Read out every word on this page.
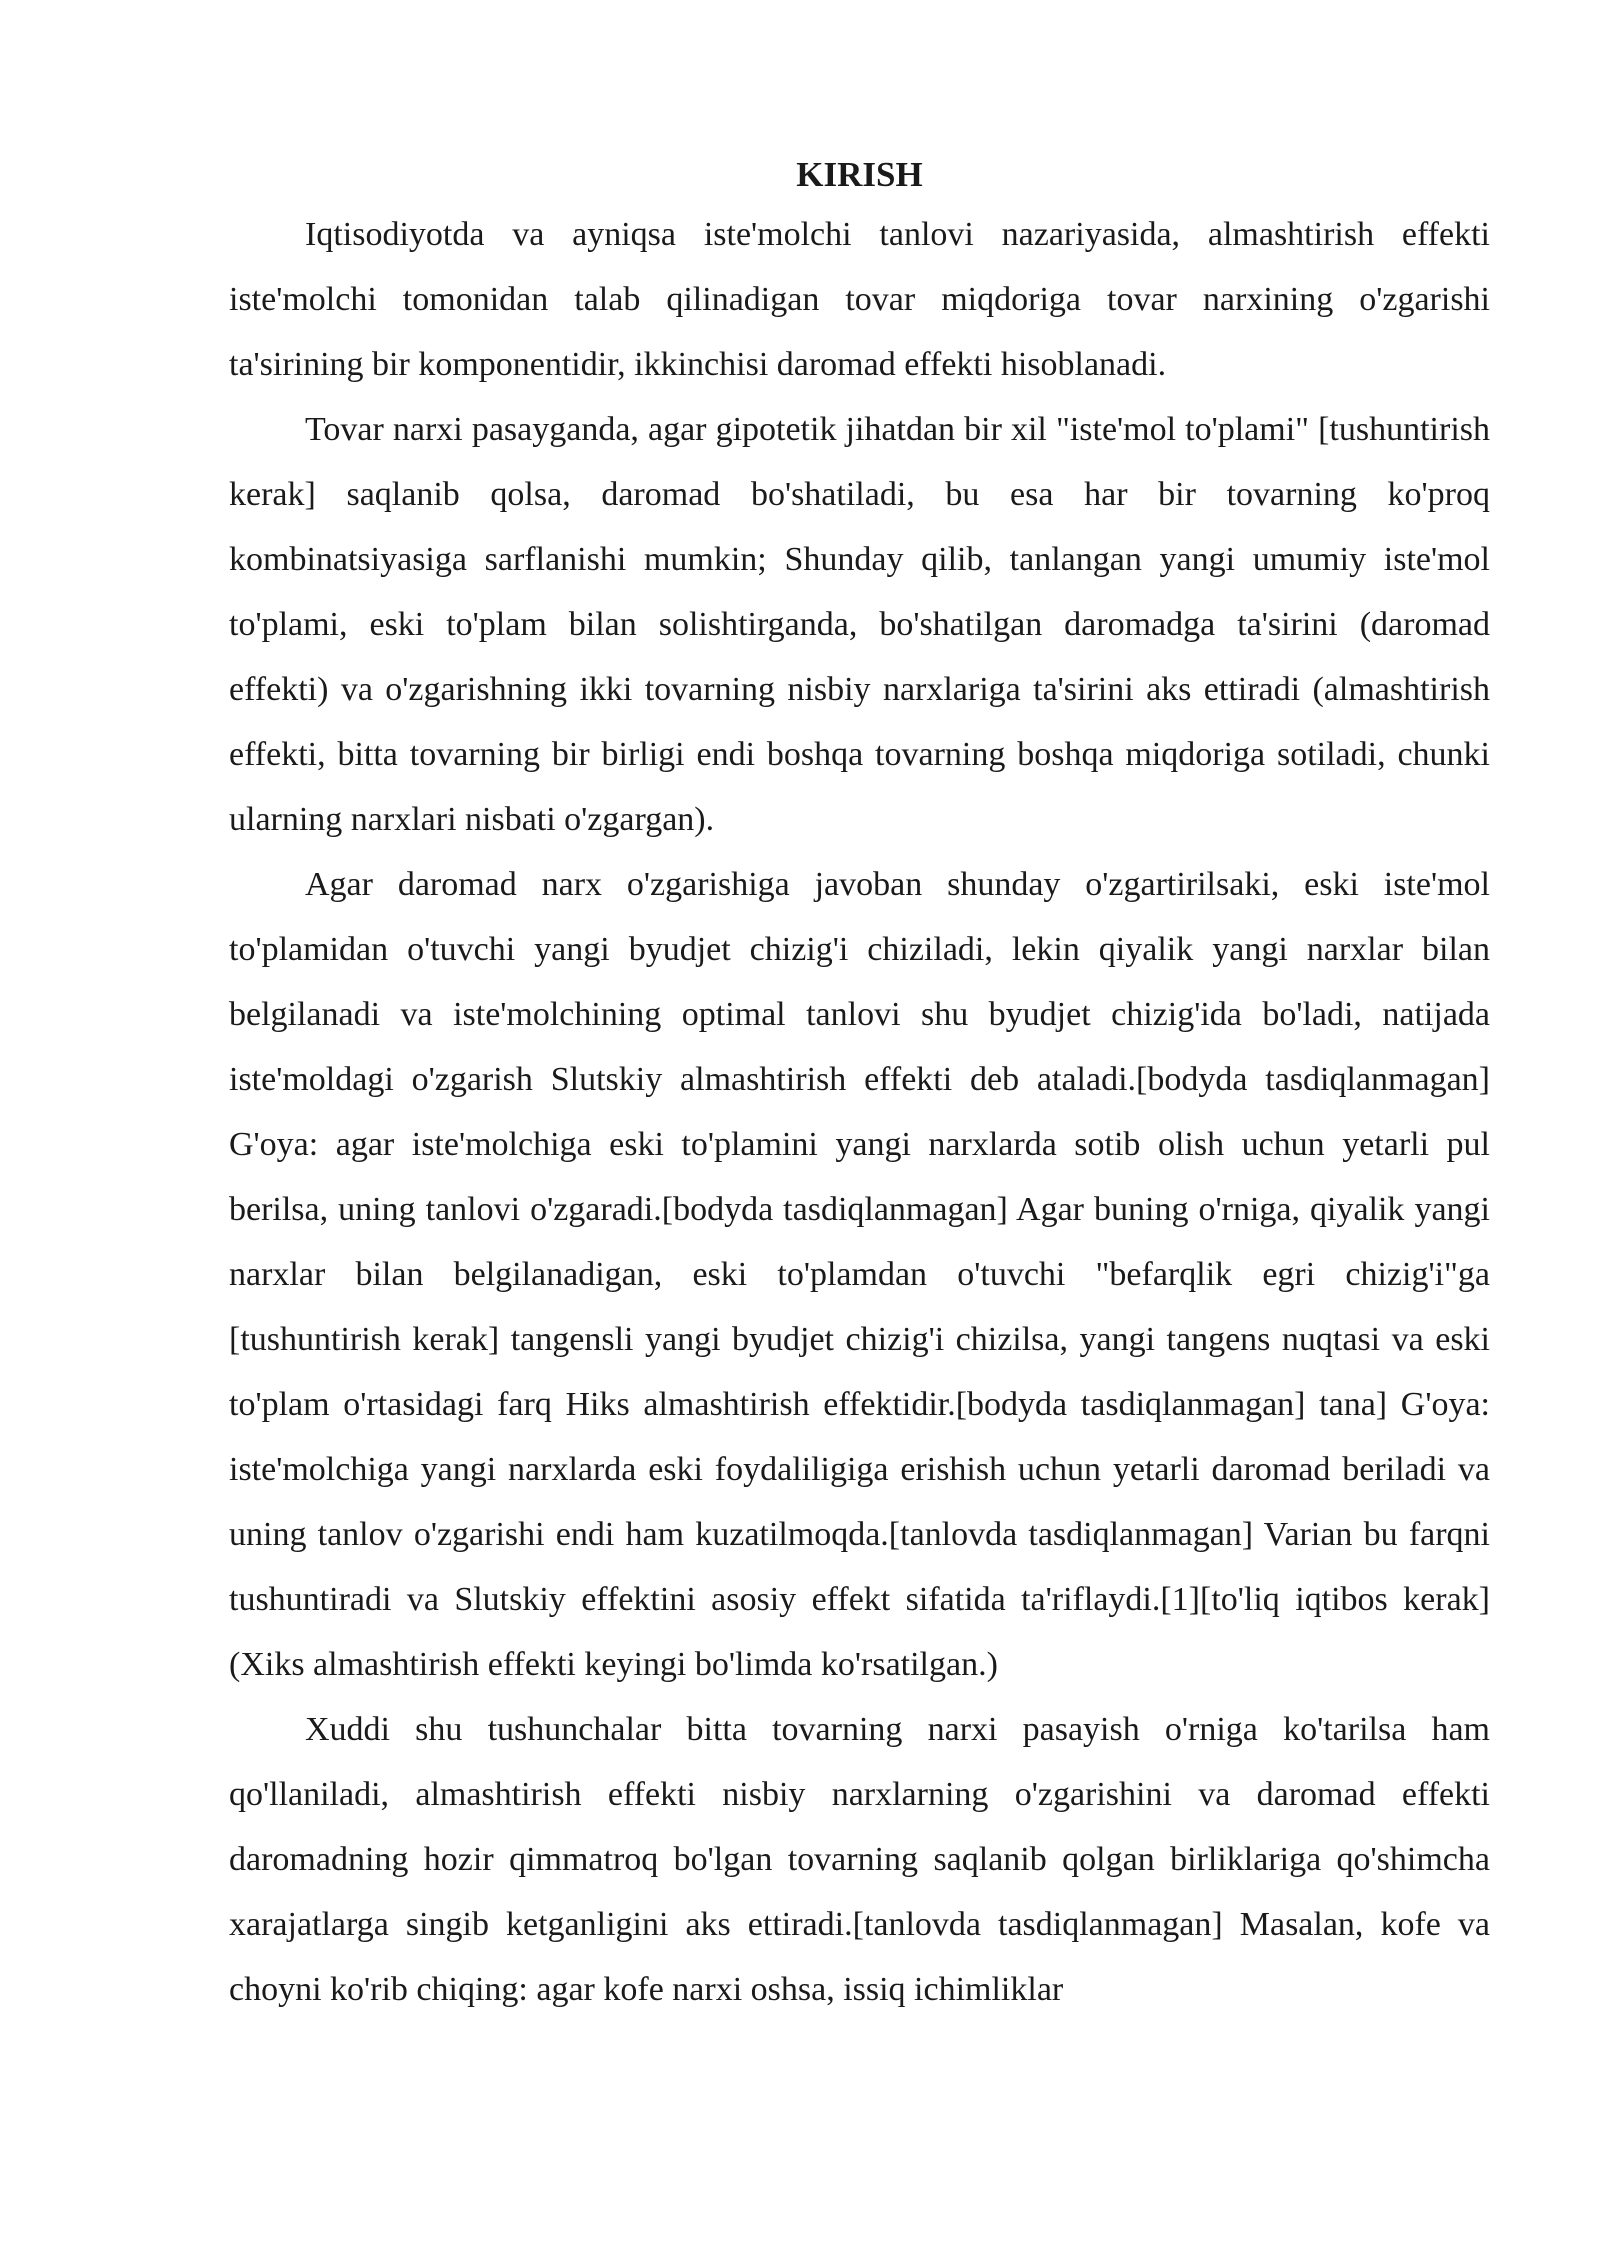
KIRISH

Iqtisodiyotda va ayniqsa iste'molchi tanlovi nazariyasida, almashtirish effekti iste'molchi tomonidan talab qilinadigan tovar miqdoriga tovar narxining o'zgarishi ta'sirining bir komponentidir, ikkinchisi daromad effekti hisoblanadi.

Tovar narxi pasayganda, agar gipotetik jihatdan bir xil "iste'mol to'plami" [tushuntirish kerak] saqlanib qolsa, daromad bo'shatiladi, bu esa har bir tovarning ko'proq kombinatsiyasiga sarflanishi mumkin; Shunday qilib, tanlangan yangi umumiy iste'mol to'plami, eski to'plam bilan solishtirganda, bo'shatilgan daromadga ta'sirini (daromad effekti) va o'zgarishning ikki tovarning nisbiy narxlariga ta'sirini aks ettiradi (almashtirish effekti, bitta tovarning bir birligi endi boshqa tovarning boshqa miqdoriga sotiladi, chunki ularning narxlari nisbati o'zgargan).

Agar daromad narx o'zgarishiga javoban shunday o'zgartirilsaki, eski iste'mol to'plamidan o'tuvchi yangi byudjet chizig'i chiziladi, lekin qiyalik yangi narxlar bilan belgilanadi va iste'molchining optimal tanlovi shu byudjet chizig'ida bo'ladi, natijada iste'moldagi o'zgarish Slutskiy almashtirish effekti deb ataladi.[bodyda tasdiqlanmagan] G'oya: agar iste'molchiga eski to'plamini yangi narxlarda sotib olish uchun yetarli pul berilsa, uning tanlovi o'zgaradi.[bodyda tasdiqlanmagan] Agar buning o'rniga, qiyalik yangi narxlar bilan belgilanadigan, eski to'plamdan o'tuvchi "befarqlik egri chizig'i"ga [tushuntirish kerak] tangensli yangi byudjet chizig'i chizilsa, yangi tangens nuqtasi va eski to'plam o'rtasidagi farq Hiks almashtirish effektidir.[bodyda tasdiqlanmagan] tana] G'oya: iste'molchiga yangi narxlarda eski foydaliligiga erishish uchun yetarli daromad beriladi va uning tanlov o'zgarishi endi ham kuzatilmoqda.[tanlovda tasdiqlanmagan] Varian bu farqni tushuntiradi va Slutskiy effektini asosiy effekt sifatida ta'riflaydi.[1][to'liq iqtibos kerak] (Xiks almashtirish effekti keyingi bo'limda ko'rsatilgan.)

Xuddi shu tushunchalar bitta tovarning narxi pasayish o'rniga ko'tarilsa ham qo'llaniladi, almashtirish effekti nisbiy narxlarning o'zgarishini va daromad effekti daromadning hozir qimmatroq bo'lgan tovarning saqlanib qolgan birliklariga qo'shimcha xarajatlarga singib ketganligini aks ettiradi.[tanlovda tasdiqlanmagan] Masalan, kofe va choyni ko'rib chiqing: agar kofe narxi oshsa, issiq ichimliklar
